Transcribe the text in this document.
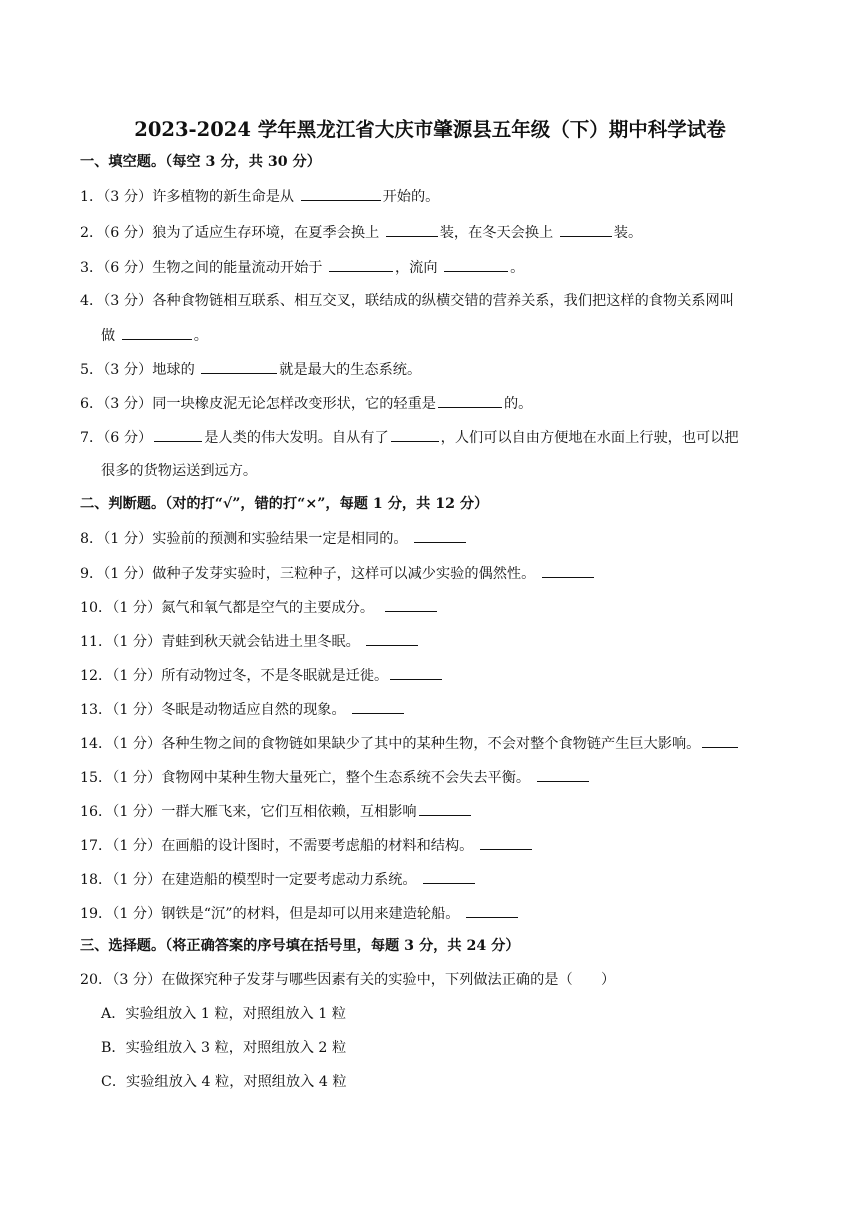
2023-2024 学年黑龙江省大庆市肇源县五年级（下）期中科学试卷
一、填空题。（每空 3 分，共 30 分）
1．（3 分）许多植物的新生命是从	开始的。
2．（6 分）狼为了适应生存环境，在夏季会换上	装，在冬天会换上	装。
3．（6 分）生物之间的能量流动开始于	，流向	。
4．（3 分）各种食物链相互联系、相互交叉，联结成的纵横交错的营养关系，我们把这样的食物关系网叫
做	。
5．（3 分）地球的	就是最大的生态系统。
6．（3 分）同一块橡皮泥无论怎样改变形状，它的轻重是	的。
7．（6 分）	是人类的伟大发明。自从有了	，人们可以自由方便地在水面上行驶，也可以把
很多的货物运送到远方。
二、判断题。（对的打“√”，错的打“×”，每题 1 分，共 12 分）
8．（1 分）实验前的预测和实验结果一定是相同的。
9．（1 分）做种子发芽实验时，三粒种子，这样可以减少实验的偶然性。
10．（1 分）氮气和氧气都是空气的主要成分。
11．（1 分）青蛙到秋天就会钻进土里冬眠。
12．（1 分）所有动物过冬，不是冬眠就是迁徙。
13．（1 分）冬眠是动物适应自然的现象。
14．（1 分）各种生物之间的食物链如果缺少了其中的某种生物，不会对整个食物链产生巨大影响。
15．（1 分）食物网中某种生物大量死亡，整个生态系统不会失去平衡。
16．（1 分）一群大雁飞来，它们互相依赖，互相影响
17．（1 分）在画船的设计图时，不需要考虑船的材料和结构。
18．（1 分）在建造船的模型时一定要考虑动力系统。
19．（1 分）钢铁是“沉”的材料，但是却可以用来建造轮船。
三、选择题。（将正确答案的序号填在括号里，每题 3 分，共 24 分）
20．（3 分）在做探究种子发芽与哪些因素有关的实验中，下列做法正确的是（　　）
A．实验组放入 1 粒，对照组放入 1 粒
B．实验组放入 3 粒，对照组放入 2 粒
C．实验组放入 4 粒，对照组放入 4 粒
